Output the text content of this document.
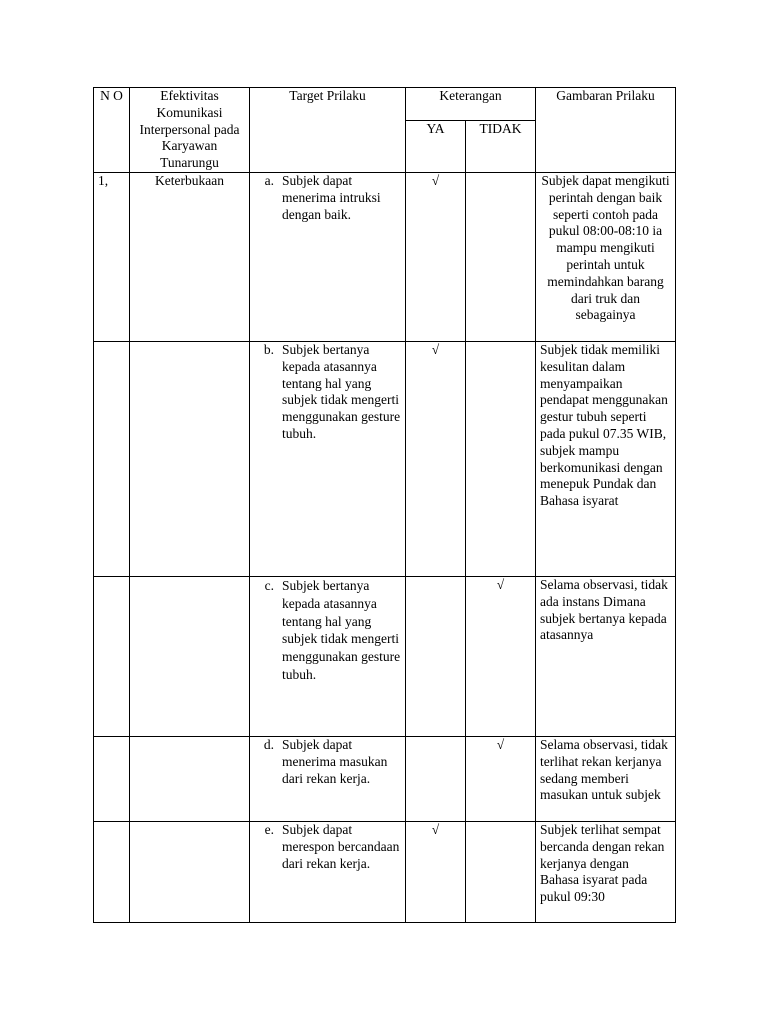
N O	Efektivitas Komunikasi Interpersonal pada Karyawan Tunarungu	Target Prilaku	Keterangan		Gambaran Prilaku
			YA	TIDAK	
1,	Keterbukaan	a. Subjek dapat menerima intruksi dengan baik.	√		Subjek dapat mengikuti perintah dengan baik seperti contoh pada pukul 08:00-08:10 ia mampu mengikuti perintah untuk memindahkan barang dari truk dan sebagainya

		b. Subjek bertanya kepada atasannya tentang hal yang subjek tidak mengerti menggunakan gesture tubuh.	√		Subjek tidak memiliki kesulitan dalam menyampaikan pendapat menggunakan gestur tubuh seperti pada pukul 07.35 WIB, subjek mampu berkomunikasi dengan menepuk Pundak dan Bahasa isyarat

		c. Subjek bertanya kepada atasannya tentang hal yang subjek tidak mengerti menggunakan gesture tubuh.		√	Selama observasi, tidak ada instans Dimana subjek bertanya kepada atasannya

		d. Subjek dapat menerima masukan dari rekan kerja.		√	Selama observasi, tidak terlihat rekan kerjanya sedang memberi masukan untuk subjek

		e. Subjek dapat merespon bercandaan dari rekan kerja.	√		Subjek terlihat sempat bercanda dengan rekan kerjanya dengan Bahasa isyarat pada pukul 09:30
